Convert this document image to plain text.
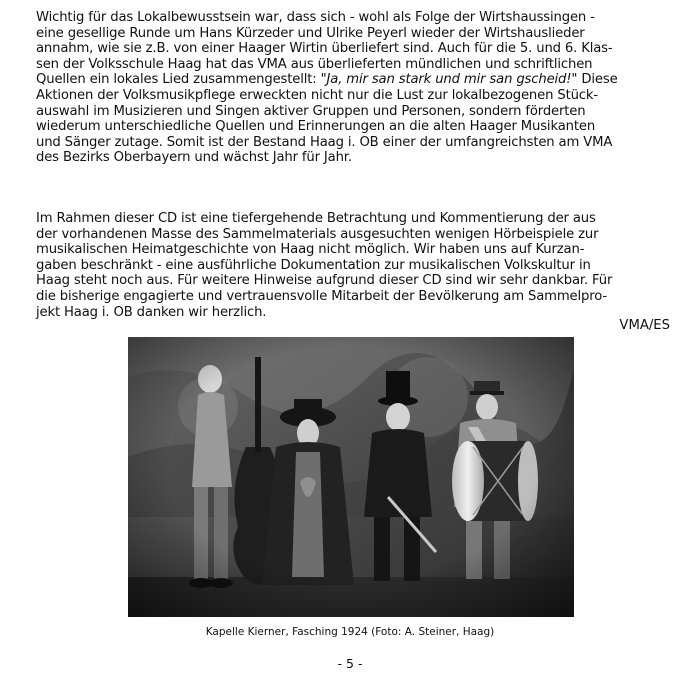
Wichtig für das Lokalbewusstsein war, dass sich - wohl als Folge der Wirtshaussingen -
eine gesellige Runde um Hans Kürzeder und Ulrike Peyerl wieder der Wirtshauslieder
annahm, wie sie z.B. von einer Haager Wirtin überliefert sind. Auch für die 5. und 6. Klas-
sen der Volksschule Haag hat das VMA aus überlieferten mündlichen und schriftlichen
Quellen ein lokales Lied zusammengestellt: "Ja, mir san stark und mir san gscheid!" Diese
Aktionen der Volksmusikpflege erweckten nicht nur die Lust zur lokalbezogenen Stück-
auswahl im Musizieren und Singen aktiver Gruppen und Personen, sondern förderten
wiederum unterschiedliche Quellen und Erinnerungen an die alten Haager Musikanten
und Sänger zutage. Somit ist der Bestand Haag i. OB einer der umfangreichsten am VMA
des Bezirks Oberbayern und wächst Jahr für Jahr.

Im Rahmen dieser CD ist eine tiefergehende Betrachtung und Kommentierung der aus
der vorhandenen Masse des Sammelmaterials ausgesuchten wenigen Hörbeispiele zur
musikalischen Heimatgeschichte von Haag nicht möglich. Wir haben uns auf Kurzan-
gaben beschränkt - eine ausführliche Dokumentation zur musikalischen Volkskultur in
Haag steht noch aus. Für weitere Hinweise aufgrund dieser CD sind wir sehr dankbar. Für
die bisherige engagierte und vertrauensvolle Mitarbeit der Bevölkerung am Sammelpro-
jekt Haag i. OB danken wir herzlich.

VMA/ES
Kapelle Kierner, Fasching 1924 (Foto: A. Steiner, Haag)
- 5 -
